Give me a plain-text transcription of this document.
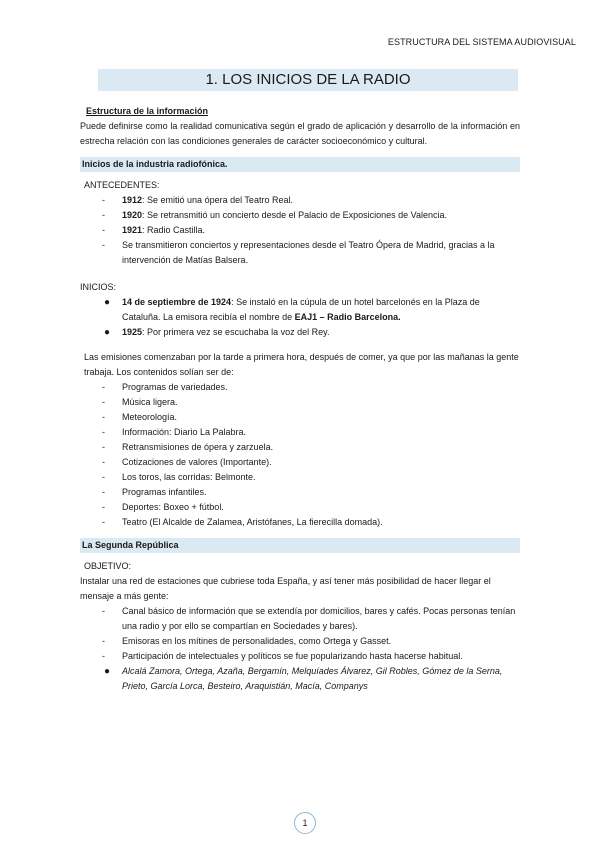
ESTRUCTURA DEL SISTEMA AUDIOVISUAL
1. LOS INICIOS DE LA RADIO
Estructura de la información
Puede definirse como la realidad comunicativa según el grado de aplicación y desarrollo de la información en estrecha relación con las condiciones generales de carácter socioeconómico y cultural.
Inicios de la industria radiofónica.
ANTECEDENTES:
- 1912: Se emitió una ópera del Teatro Real.
- 1920: Se retransmitió un concierto desde el Palacio de Exposiciones de Valencia.
- 1921: Radio Castilla.
- Se transmitieron conciertos y representaciones desde el Teatro Ópera de Madrid, gracias a la intervención de Matías Balsera.
INICIOS:
● 14 de septiembre de 1924: Se instaló en la cúpula de un hotel barcelonés en la Plaza de Cataluña. La emisora recibía el nombre de EAJ1 – Radio Barcelona.
● 1925: Por primera vez se escuchaba la voz del Rey.
Las emisiones comenzaban por la tarde a primera hora, después de comer, ya que por las mañanas la gente trabaja. Los contenidos solían ser de:
- Programas de variedades.
- Música ligera.
- Meteorología.
- Información: Diario La Palabra.
- Retransmisiones de ópera y zarzuela.
- Cotizaciones de valores (Importante).
- Los toros, las corridas: Belmonte.
- Programas infantiles.
- Deportes: Boxeo + fútbol.
- Teatro (El Alcalde de Zalamea, Aristófanes, La fierecilla domada).
La Segunda República
OBJETIVO:
Instalar una red de estaciones que cubriese toda España, y así tener más posibilidad de hacer llegar el mensaje a más gente:
- Canal básico de información que se extendía por domicilios, bares y cafés. Pocas personas tenían una radio y por ello se compartían en Sociedades y bares).
- Emisoras en los mítines de personalidades, como Ortega y Gasset.
- Participación de intelectuales y políticos se fue popularizando hasta hacerse habitual.
● Alcalá Zamora, Ortega, Azaña, Bergamín, Melquíades Álvarez, Gil Robles, Gómez de la Serna, Prieto, García Lorca, Besteiro, Araquistián, Macía, Companys
1
